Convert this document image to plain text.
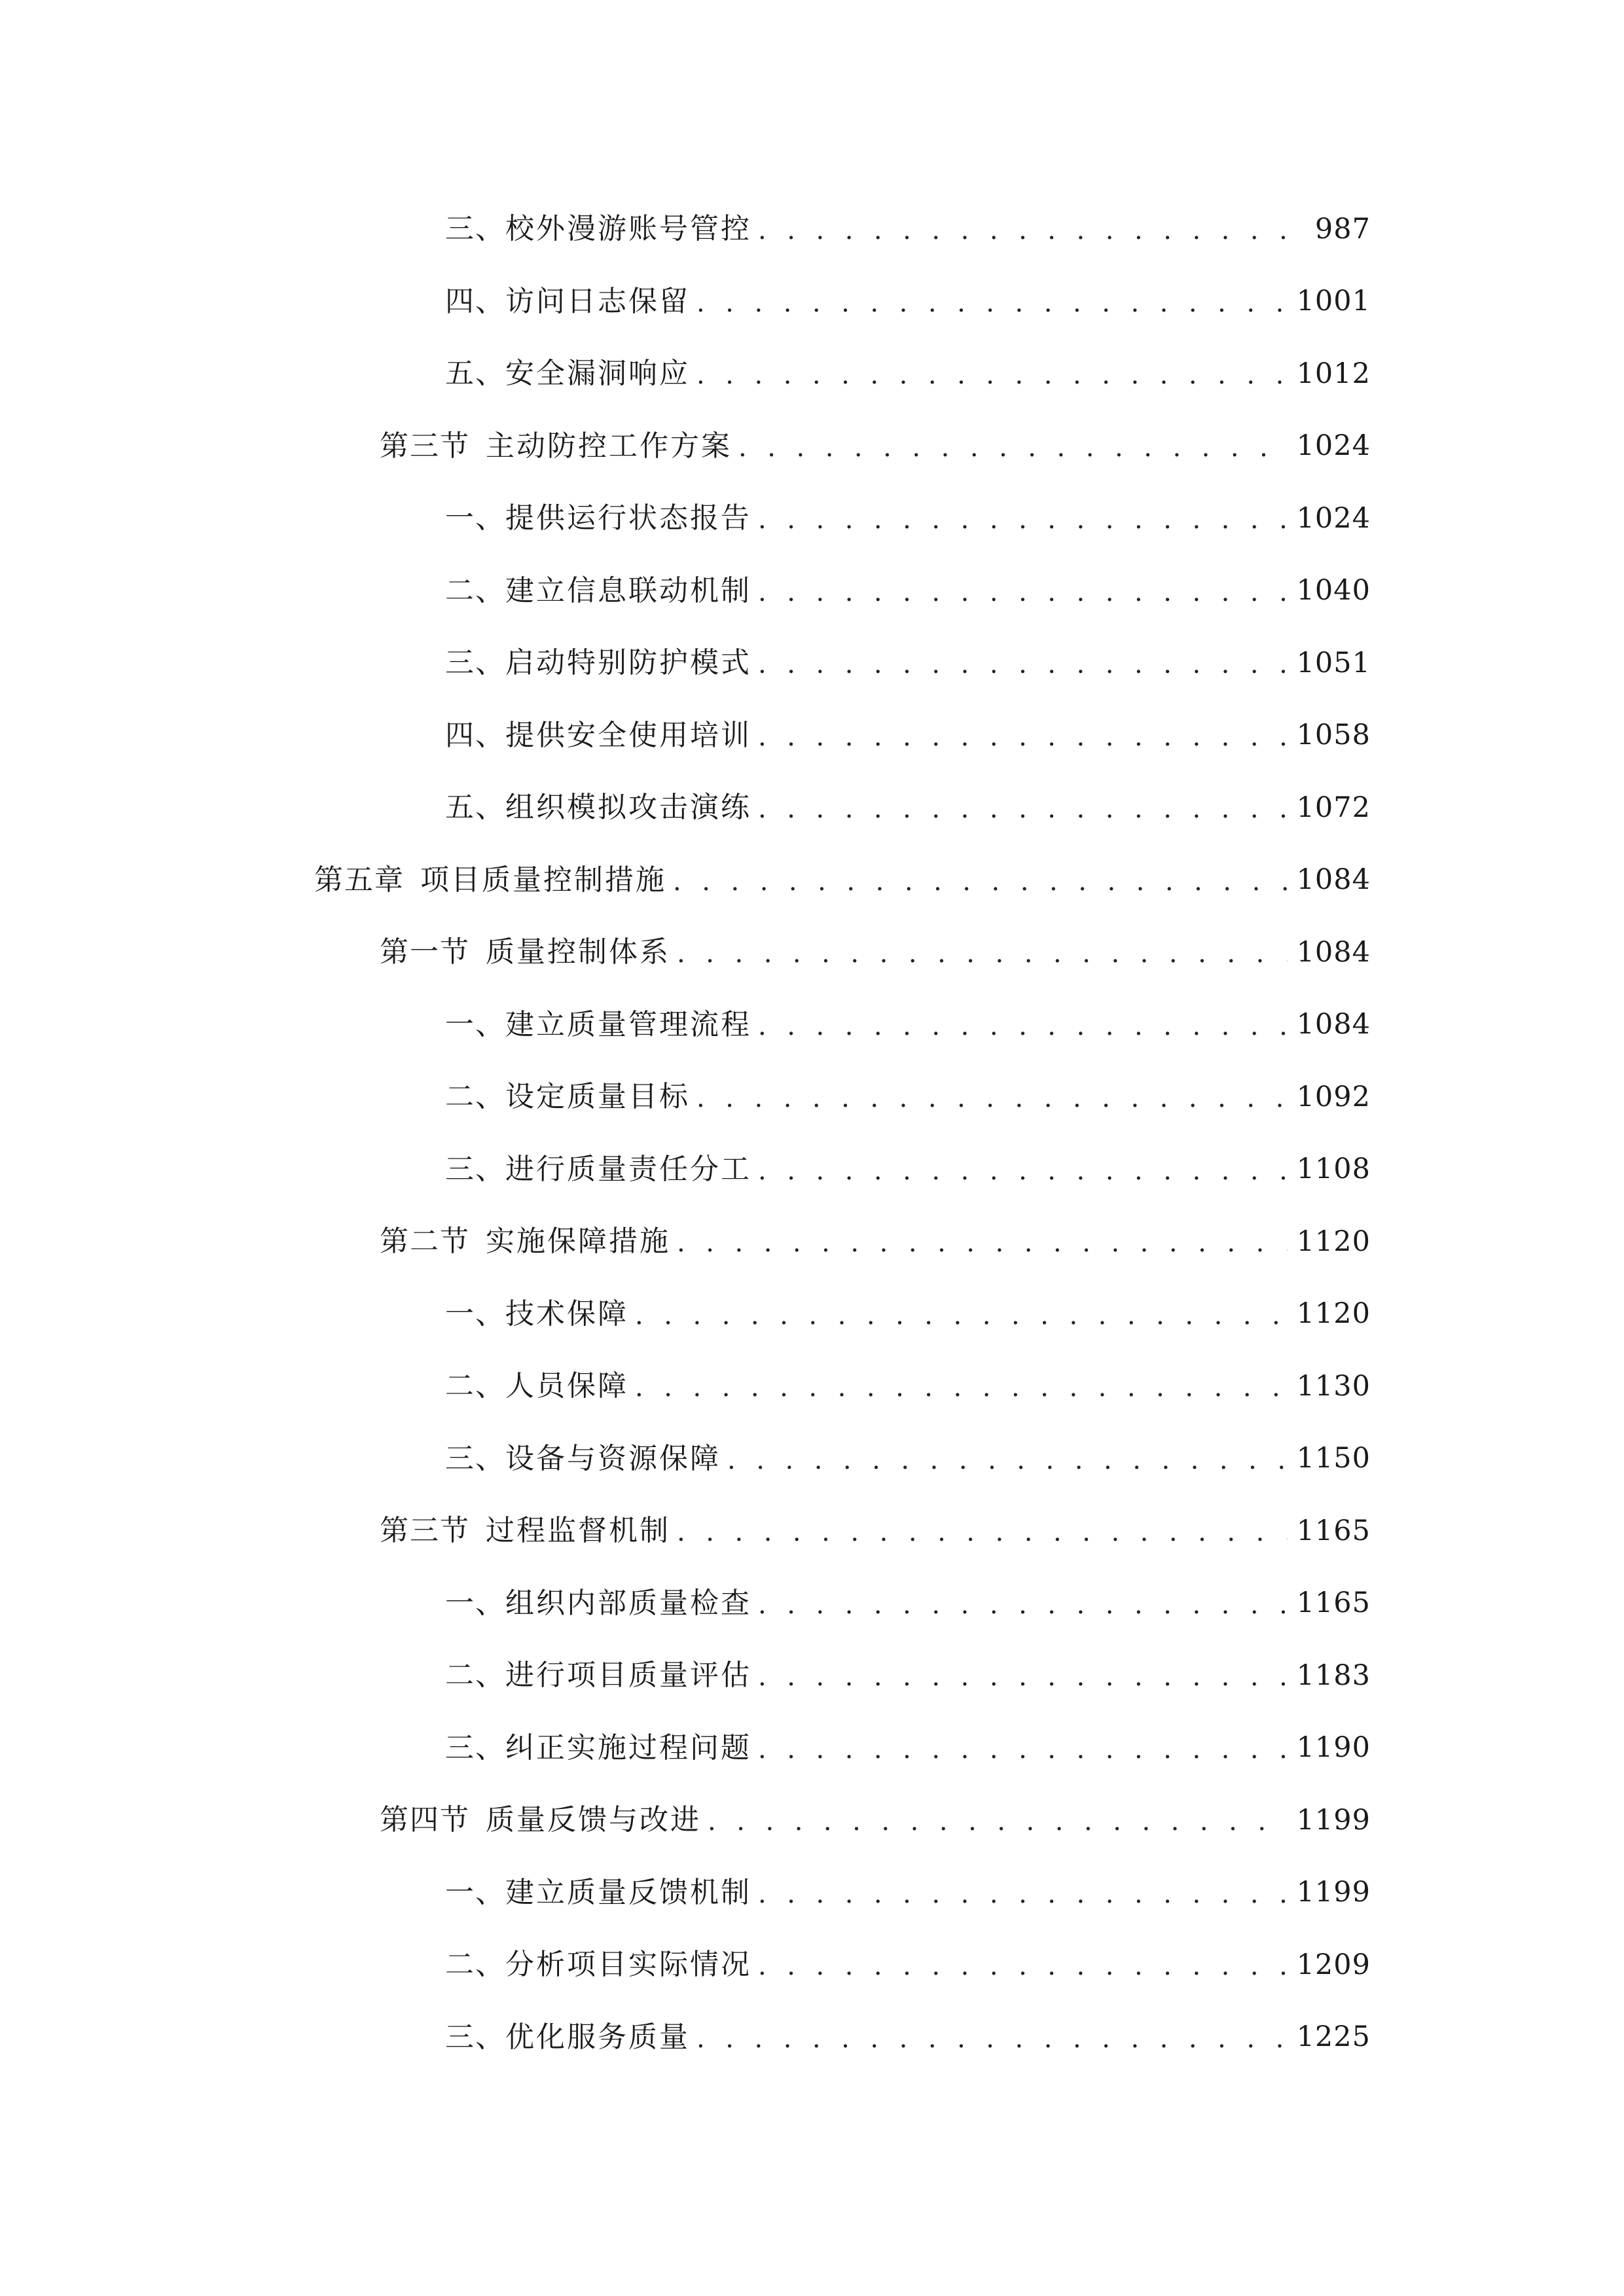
三、 校外漫游账号管控 . . .	987
四、 访问日志保留 . . .	1001
五、 安全漏洞响应 . . .	1012
第三节 主动防控工作方案 . . .	1024
一、 提供运行状态报告 . . .	1024
二、 建立信息联动机制 . . .	1040
三、 启动特别防护模式 . . .	1051
四、 提供安全使用培训 . . .	1058
五、 组织模拟攻击演练 . . .	1072
第五章 项目质量控制措施 . . .	1084
第一节 质量控制体系 . . .	1084
一、 建立质量管理流程 . . .	1084
二、 设定质量目标 . . .	1092
三、 进行质量责任分工 . . .	1108
第二节 实施保障措施 . . .	1120
一、 技术保障 . . .	1120
二、 人员保障 . . .	1130
三、 设备与资源保障 . . .	1150
第三节 过程监督机制 . . .	1165
一、 组织内部质量检查 . . .	1165
二、 进行项目质量评估 . . .	1183
三、 纠正实施过程问题 . . .	1190
第四节 质量反馈与改进 . . .	1199
一、 建立质量反馈机制 . . .	1199
二、 分析项目实际情况 . . .	1209
三、 优化服务质量 . . .	1225
